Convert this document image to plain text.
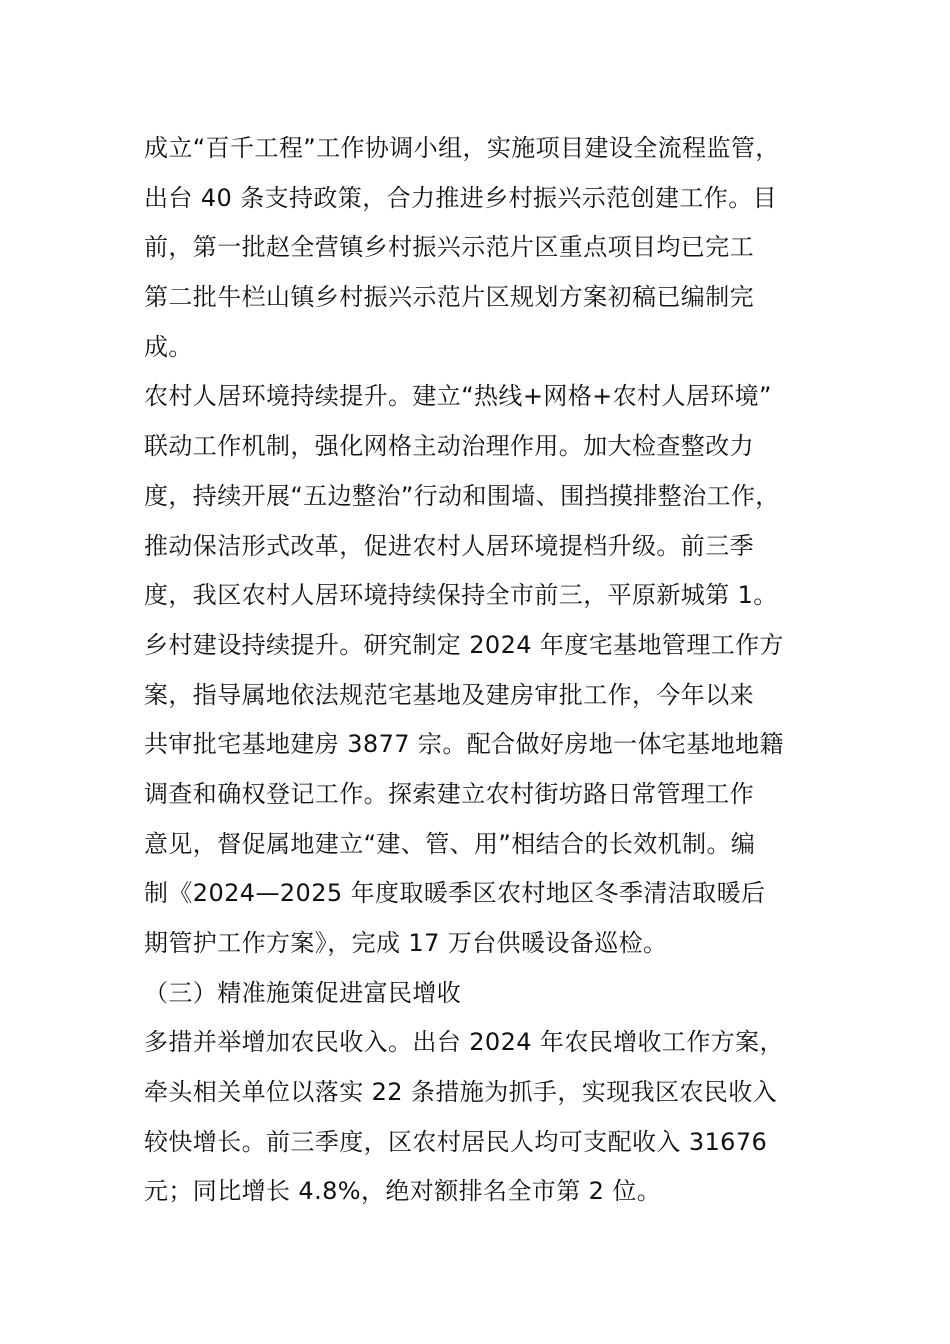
成立“百千工程”工作协调小组，实施项目建设全流程监管，
出台 40 条支持政策，合力推进乡村振兴示范创建工作。目
前，第一批赵全营镇乡村振兴示范片区重点项目均已完工
第二批牛栏山镇乡村振兴示范片区规划方案初稿已编制完
成。
农村人居环境持续提升。建立“热线+网格+农村人居环境”
联动工作机制，强化网格主动治理作用。加大检查整改力
度，持续开展“五边整治”行动和围墙、围挡摸排整治工作，
推动保洁形式改革，促进农村人居环境提档升级。前三季
度，我区农村人居环境持续保持全市前三，平原新城第 1。
乡村建设持续提升。研究制定 2024 年度宅基地管理工作方
案，指导属地依法规范宅基地及建房审批工作，今年以来
共审批宅基地建房 3877 宗。配合做好房地一体宅基地地籍
调查和确权登记工作。探索建立农村街坊路日常管理工作
意见，督促属地建立“建、管、用”相结合的长效机制。编
制《2024—2025 年度取暖季区农村地区冬季清洁取暖后
期管护工作方案》，完成 17 万台供暖设备巡检。
（三）精准施策促进富民增收
多措并举增加农民收入。出台 2024 年农民增收工作方案，
牵头相关单位以落实 22 条措施为抓手，实现我区农民收入
较快增长。前三季度，区农村居民人均可支配收入 31676
元；同比增长 4.8%，绝对额排名全市第 2 位。
